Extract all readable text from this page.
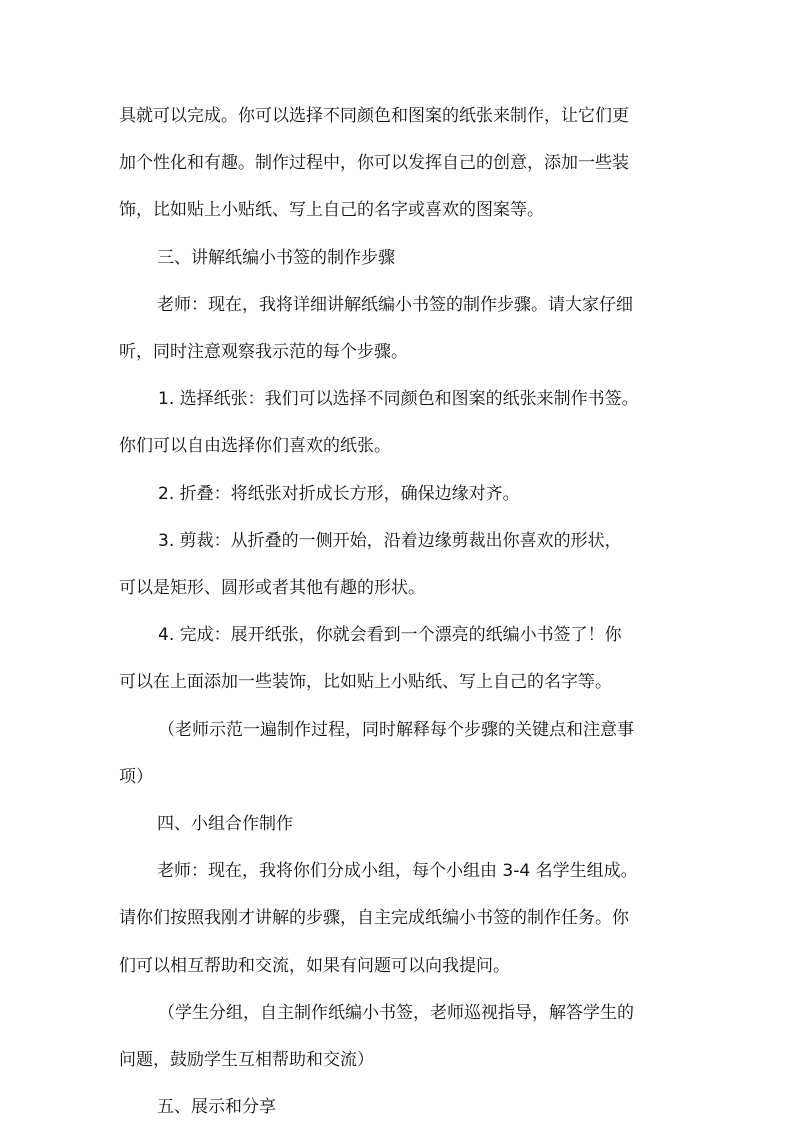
具就可以完成。你可以选择不同颜色和图案的纸张来制作，让它们更
加个性化和有趣。制作过程中，你可以发挥自己的创意，添加一些装
饰，比如贴上小贴纸、写上自己的名字或喜欢的图案等。
三、讲解纸编小书签的制作步骤
老师：现在，我将详细讲解纸编小书签的制作步骤。请大家仔细
听，同时注意观察我示范的每个步骤。
1. 选择纸张：我们可以选择不同颜色和图案的纸张来制作书签。
你们可以自由选择你们喜欢的纸张。
2. 折叠：将纸张对折成长方形，确保边缘对齐。
3. 剪裁：从折叠的一侧开始，沿着边缘剪裁出你喜欢的形状，
可以是矩形、圆形或者其他有趣的形状。
4. 完成：展开纸张，你就会看到一个漂亮的纸编小书签了！你
可以在上面添加一些装饰，比如贴上小贴纸、写上自己的名字等。
（老师示范一遍制作过程，同时解释每个步骤的关键点和注意事
项）
四、小组合作制作
老师：现在，我将你们分成小组，每个小组由 3-4 名学生组成。
请你们按照我刚才讲解的步骤，自主完成纸编小书签的制作任务。你
们可以相互帮助和交流，如果有问题可以向我提问。
（学生分组，自主制作纸编小书签，老师巡视指导，解答学生的
问题，鼓励学生互相帮助和交流）
五、展示和分享
